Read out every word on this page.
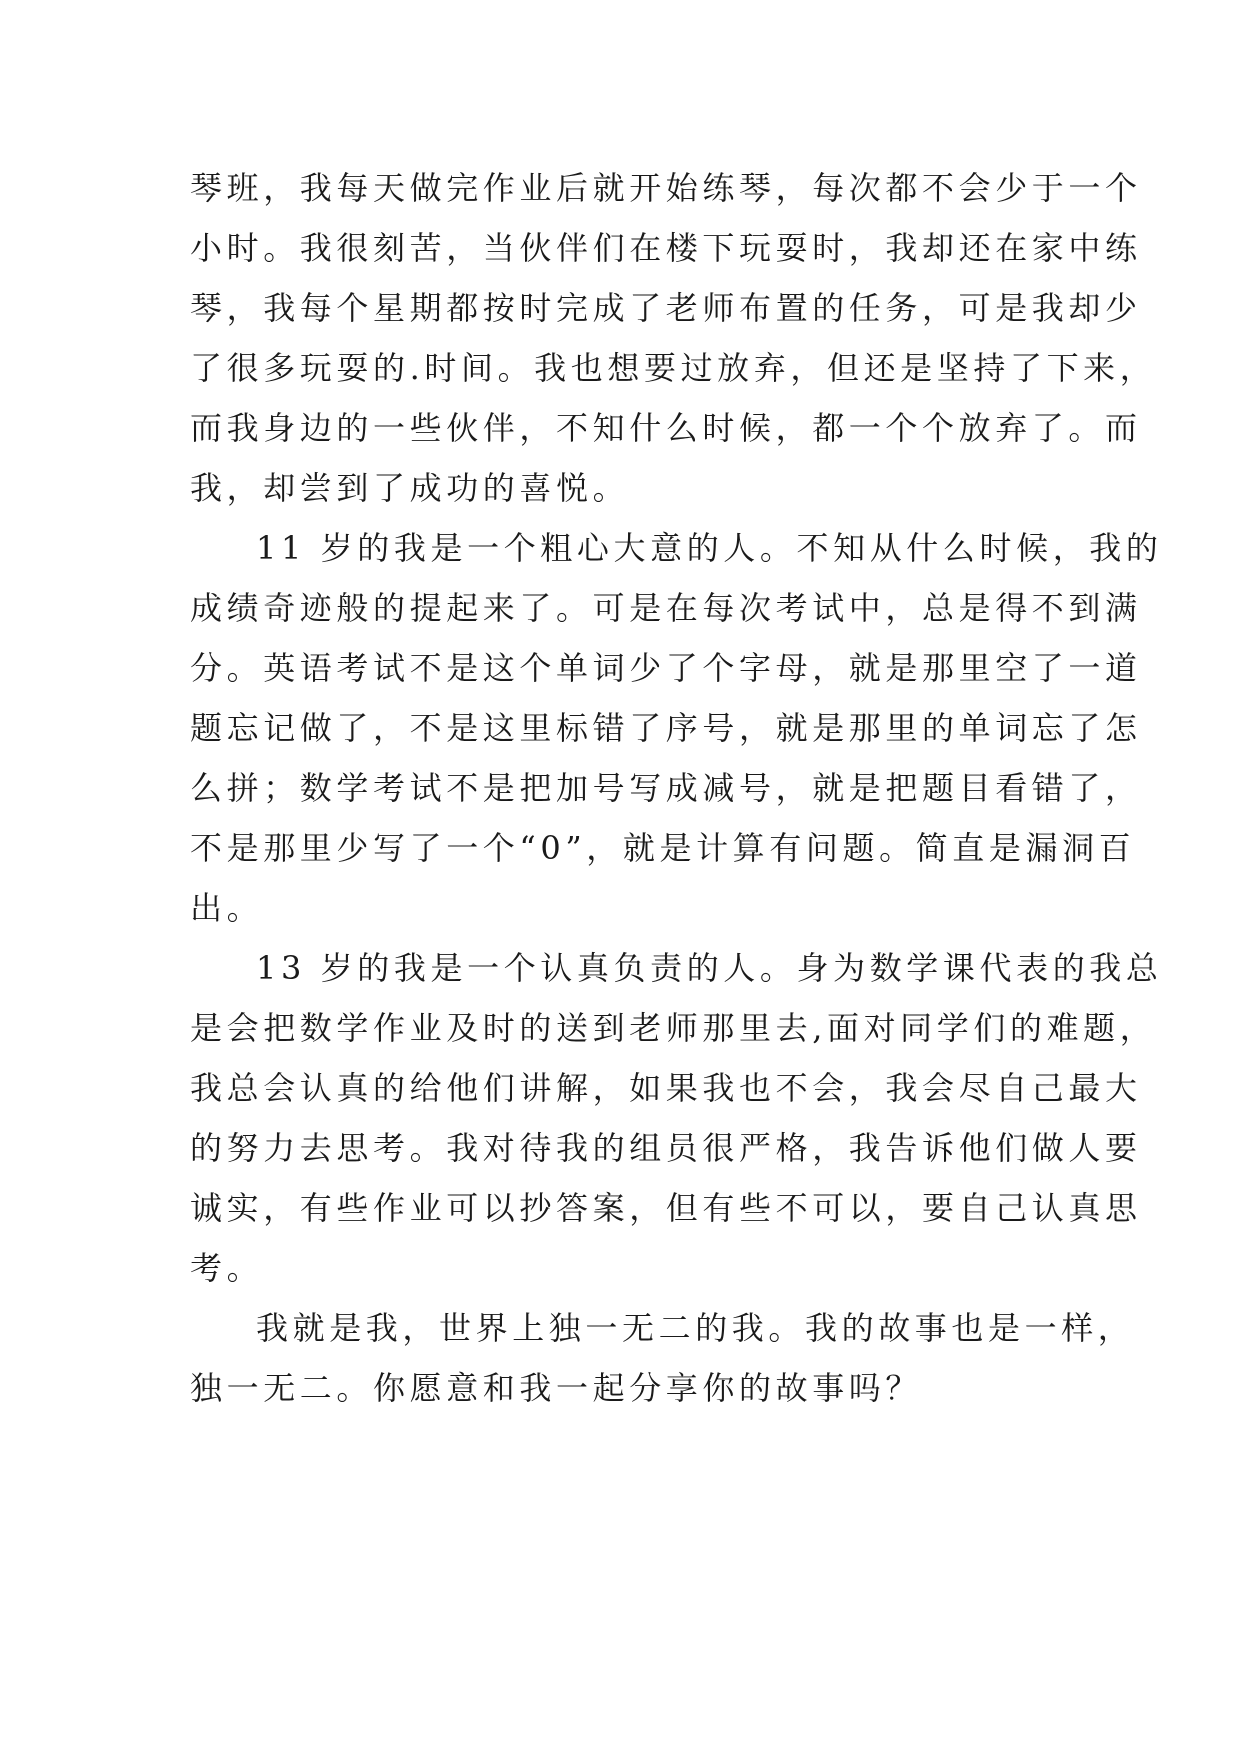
琴班，我每天做完作业后就开始练琴，每次都不会少于一个
小时。我很刻苦，当伙伴们在楼下玩耍时，我却还在家中练
琴，我每个星期都按时完成了老师布置的任务，可是我却少
了很多玩耍的.时间。我也想要过放弃，但还是坚持了下来，
而我身边的一些伙伴，不知什么时候，都一个个放弃了。而
我，却尝到了成功的喜悦。
11 岁的我是一个粗心大意的人。不知从什么时候，我的
成绩奇迹般的提起来了。可是在每次考试中，总是得不到满
分。英语考试不是这个单词少了个字母，就是那里空了一道
题忘记做了，不是这里标错了序号，就是那里的单词忘了怎
么拼；数学考试不是把加号写成减号，就是把题目看错了，
不是那里少写了一个“0”，就是计算有问题。简直是漏洞百
出。
13 岁的我是一个认真负责的人。身为数学课代表的我总
是会把数学作业及时的送到老师那里去,面对同学们的难题，
我总会认真的给他们讲解，如果我也不会，我会尽自己最大
的努力去思考。我对待我的组员很严格，我告诉他们做人要
诚实，有些作业可以抄答案，但有些不可以，要自己认真思
考。
我就是我，世界上独一无二的我。我的故事也是一样，
独一无二。你愿意和我一起分享你的故事吗？
